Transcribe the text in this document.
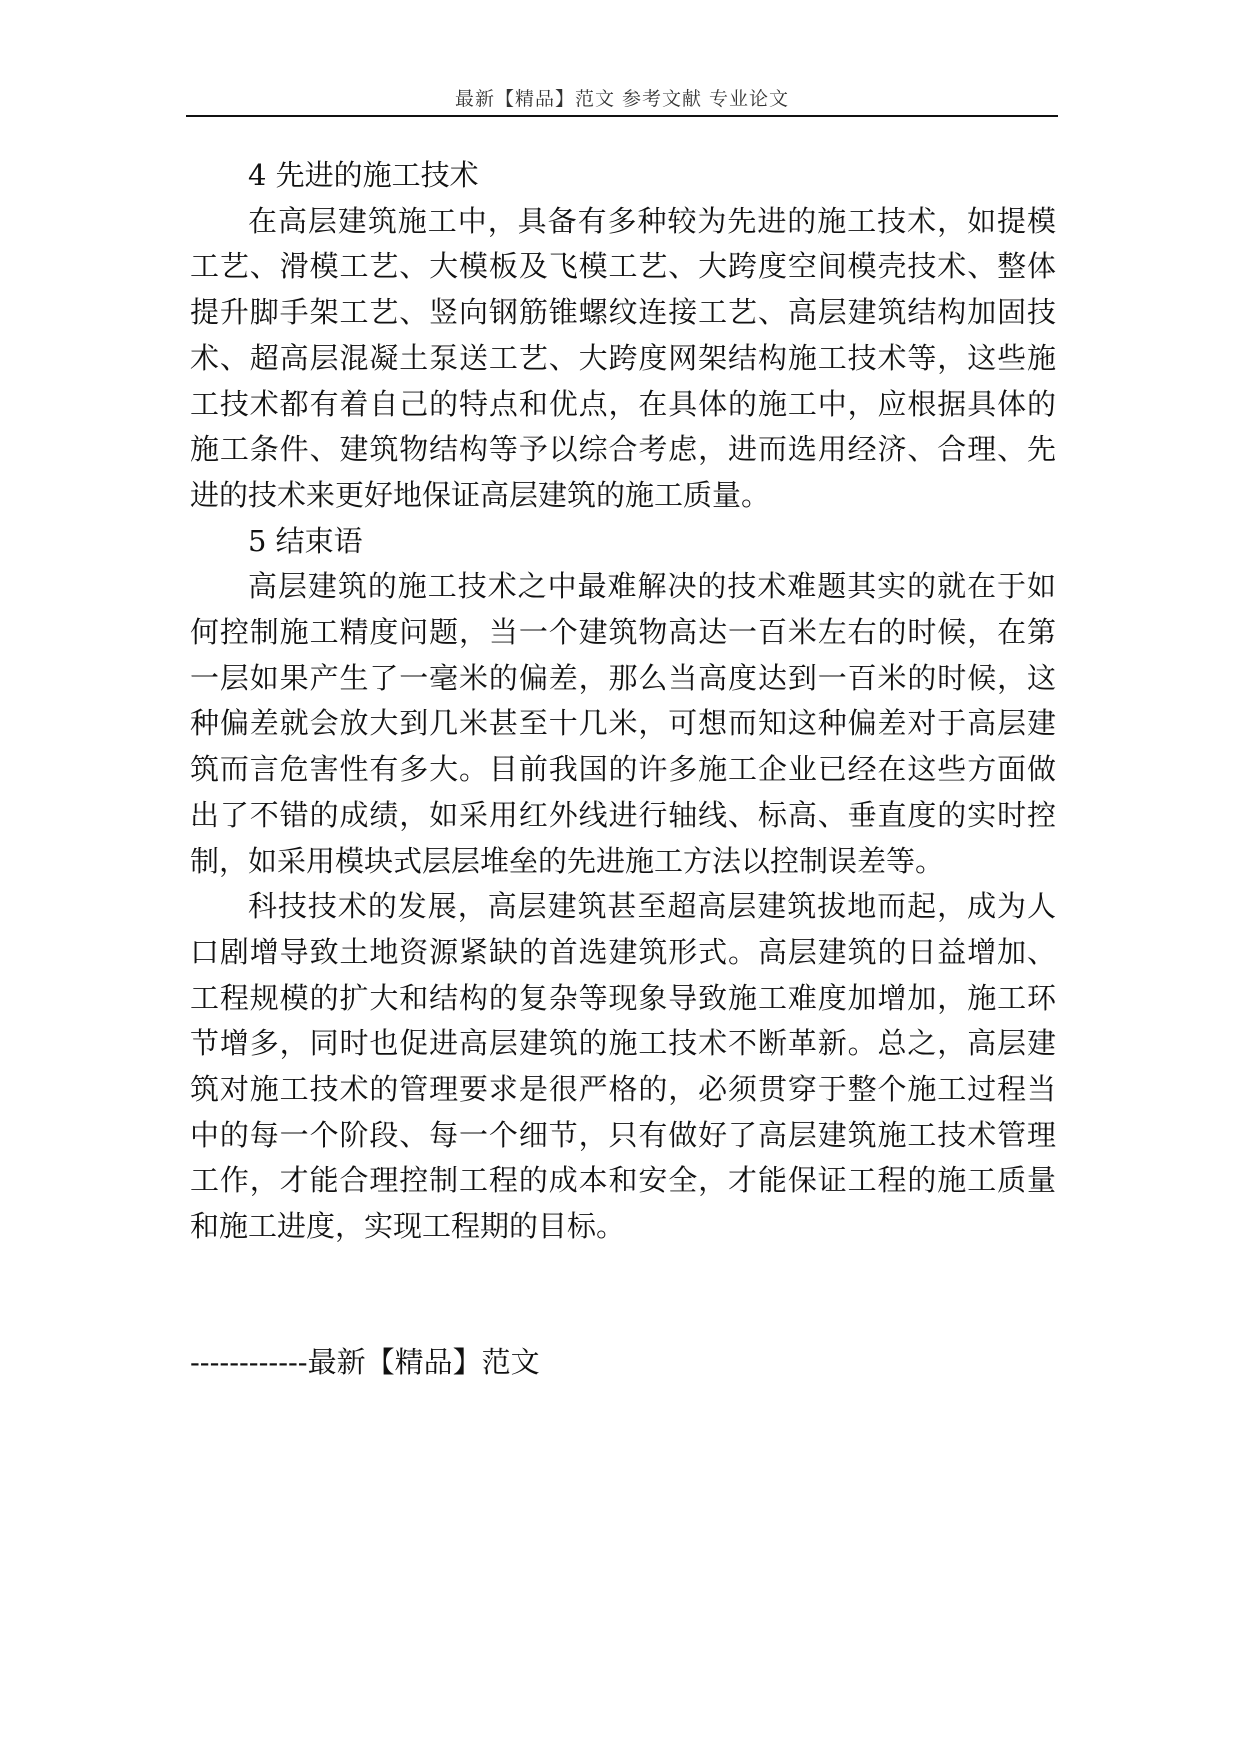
最新【精品】范文 参考文献 专业论文

4 先进的施工技术

在高层建筑施工中，具备有多种较为先进的施工技术，如提模工艺、滑模工艺、大模板及飞模工艺、大跨度空间模壳技术、整体提升脚手架工艺、竖向钢筋锥螺纹连接工艺、高层建筑结构加固技术、超高层混凝土泵送工艺、大跨度网架结构施工技术等，这些施工技术都有着自己的特点和优点，在具体的施工中，应根据具体的施工条件、建筑物结构等予以综合考虑，进而选用经济、合理、先进的技术来更好地保证高层建筑的施工质量。

5 结束语

高层建筑的施工技术之中最难解决的技术难题其实的就在于如何控制施工精度问题，当一个建筑物高达一百米左右的时候，在第一层如果产生了一毫米的偏差，那么当高度达到一百米的时候，这种偏差就会放大到几米甚至十几米，可想而知这种偏差对于高层建筑而言危害性有多大。目前我国的许多施工企业已经在这些方面做出了不错的成绩，如采用红外线进行轴线、标高、垂直度的实时控制，如采用模块式层层堆垒的先进施工方法以控制误差等。

科技技术的发展，高层建筑甚至超高层建筑拔地而起，成为人口剧增导致土地资源紧缺的首选建筑形式。高层建筑的日益增加、工程规模的扩大和结构的复杂等现象导致施工难度加增加，施工环节增多，同时也促进高层建筑的施工技术不断革新。总之，高层建筑对施工技术的管理要求是很严格的，必须贯穿于整个施工过程当中的每一个阶段、每一个细节，只有做好了高层建筑施工技术管理工作，才能合理控制工程的成本和安全，才能保证工程的施工质量和施工进度，实现工程期的目标。

------------最新【精品】范文
